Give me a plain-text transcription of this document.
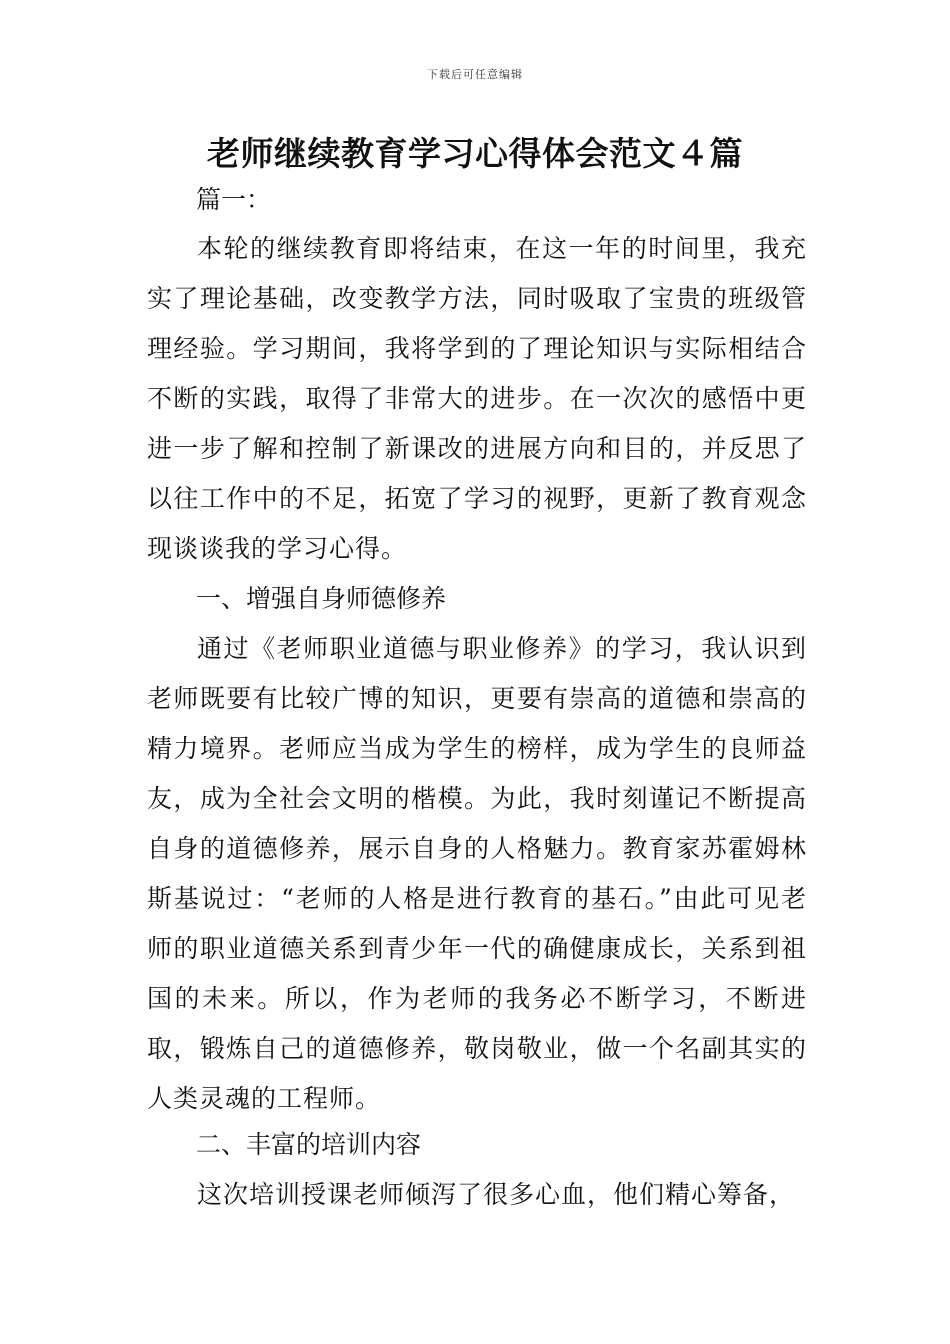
下载后可任意编辑
老师继续教育学习心得体会范文４篇
篇一：

本轮的继续教育即将结束，在这一年的时间里，我充实了理论基础，改变教学方法，同时吸取了宝贵的班级管理经验。学习期间，我将学到的了理论知识与实际相结合不断的实践，取得了非常大的进步。在一次次的感悟中更进一步了解和控制了新课改的进展方向和目的，并反思了以往工作中的不足，拓宽了学习的视野，更新了教育观念现谈谈我的学习心得。

一、增强自身师德修养

通过《老师职业道德与职业修养》的学习，我认识到老师既要有比较广博的知识，更要有崇高的道德和崇高的精力境界。老师应当成为学生的榜样，成为学生的良师益友，成为全社会文明的楷模。为此，我时刻谨记不断提高自身的道德修养，展示自身的人格魅力。教育家苏霍姆林斯基说过：“老师的人格是进行教育的基石。”由此可见老师的职业道德关系到青少年一代的确健康成长，关系到祖国的未来。所以，作为老师的我务必不断学习，不断进取，锻炼自己的道德修养，敬岗敬业，做一个名副其实的人类灵魂的工程师。

二、丰富的培训内容

这次培训授课老师倾泻了很多心血，他们精心筹备，
